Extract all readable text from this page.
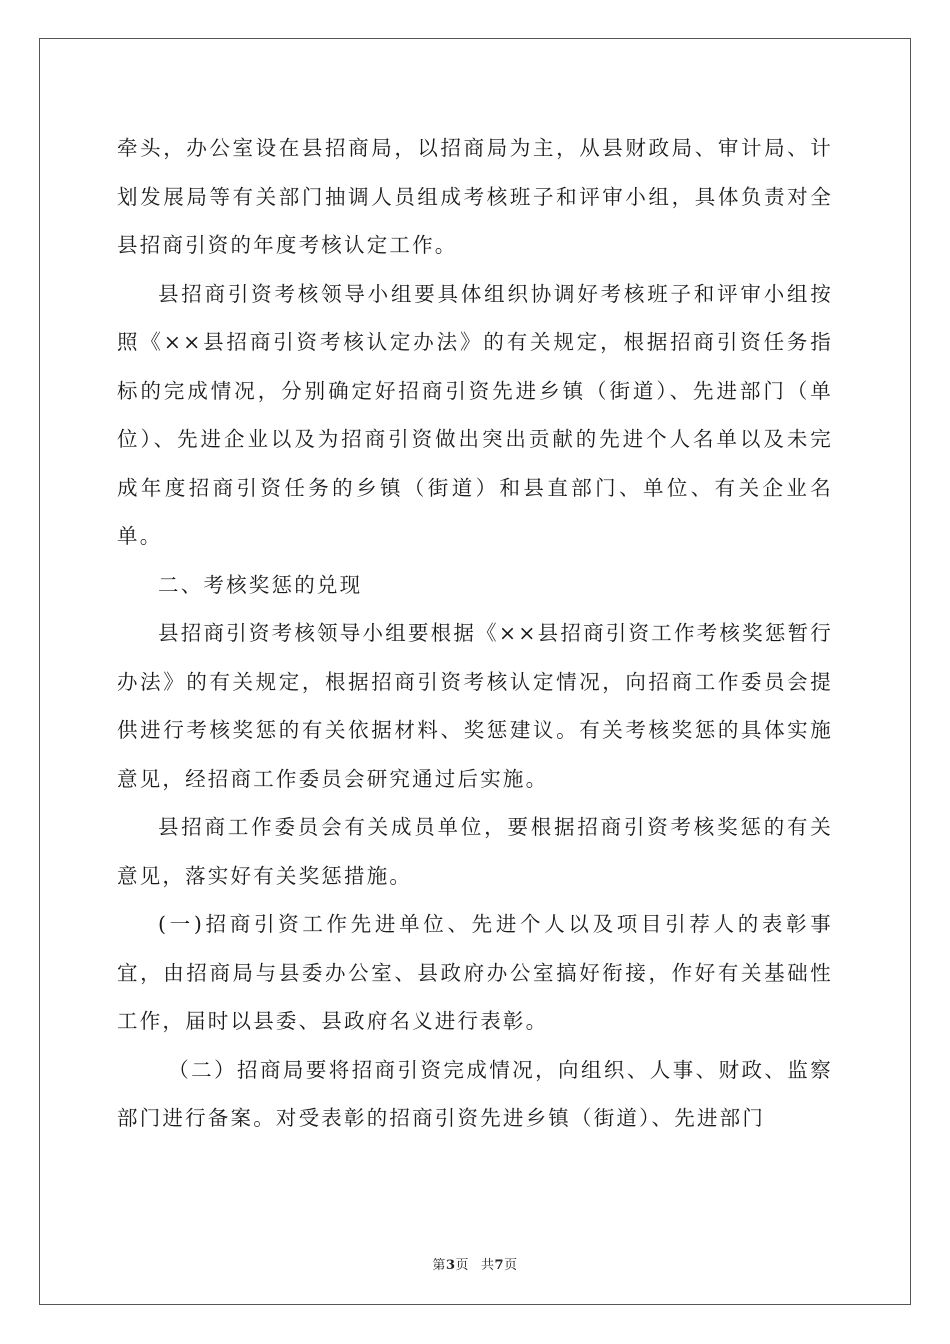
牵头，办公室设在县招商局，以招商局为主，从县财政局、审计局、计划发展局等有关部门抽调人员组成考核班子和评审小组，具体负责对全县招商引资的年度考核认定工作。

县招商引资考核领导小组要具体组织协调好考核班子和评审小组按照《××县招商引资考核认定办法》的有关规定，根据招商引资任务指标的完成情况，分别确定好招商引资先进乡镇（街道）、先进部门（单位）、先进企业以及为招商引资做出突出贡献的先进个人名单以及未完成年度招商引资任务的乡镇（街道）和县直部门、单位、有关企业名单。

二、考核奖惩的兑现

县招商引资考核领导小组要根据《××县招商引资工作考核奖惩暂行办法》的有关规定，根据招商引资考核认定情况，向招商工作委员会提供进行考核奖惩的有关依据材料、奖惩建议。有关考核奖惩的具体实施意见，经招商工作委员会研究通过后实施。

县招商工作委员会有关成员单位，要根据招商引资考核奖惩的有关意见，落实好有关奖惩措施。

(一)招商引资工作先进单位、先进个人以及项目引荐人的表彰事宜，由招商局与县委办公室、县政府办公室搞好衔接，作好有关基础性工作，届时以县委、县政府名义进行表彰。

（二）招商局要将招商引资完成情况，向组织、人事、财政、监察部门进行备案。对受表彰的招商引资先进乡镇（街道）、先进部门

第3页 共7页
